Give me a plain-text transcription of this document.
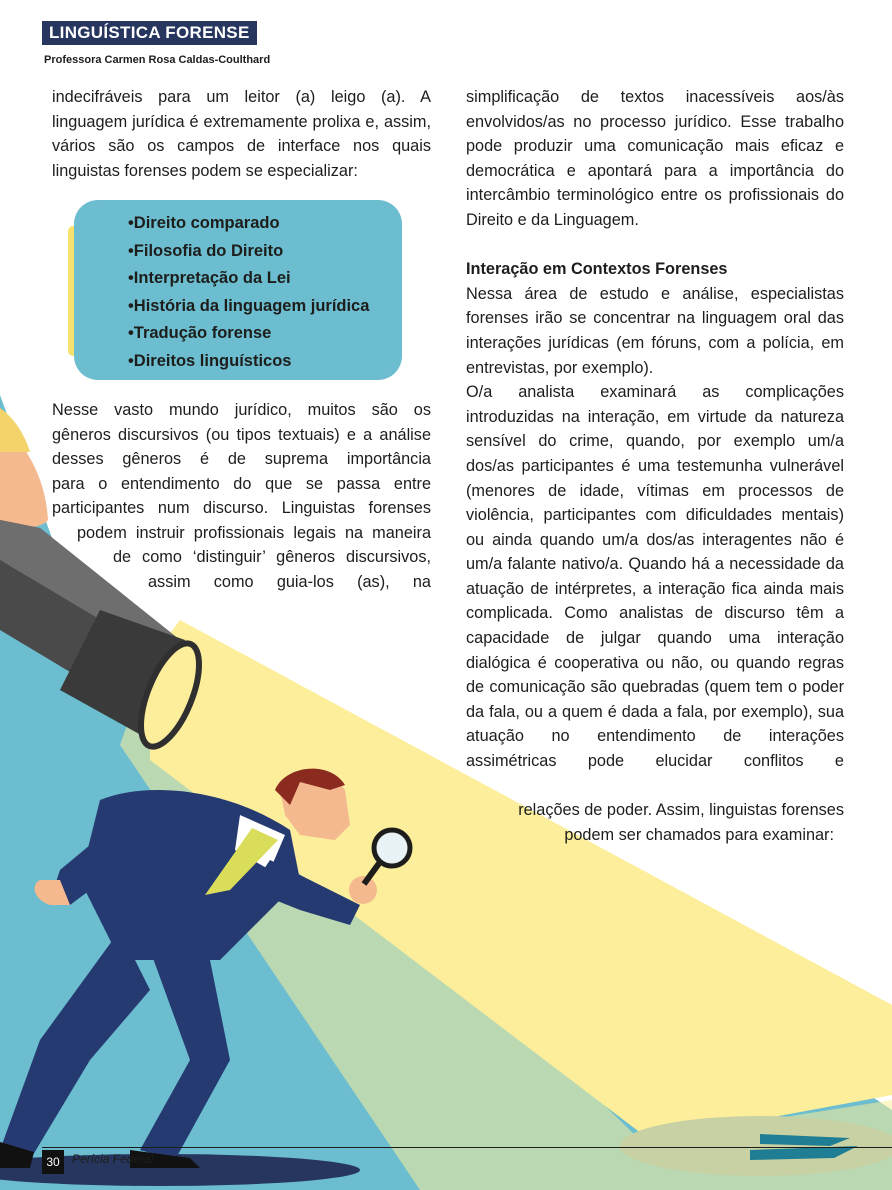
LINGUÍSTICA FORENSE
Professora Carmen Rosa Caldas-Coulthard

indecifráveis para um leitor (a) leigo (a). A linguagem jurídica é extremamente prolixa e, assim, vários são os campos de interface nos quais linguistas forenses podem se especializar:

• Direito comparado
• Filosofia do Direito
• Interpretação da Lei
• História da linguagem jurídica
• Tradução forense
• Direitos linguísticos
Nesse vasto mundo jurídico, muitos são os
gêneros discursivos (ou tipos textuais) e a análise
desses gêneros é de suprema importância
para o entendimento do que se passa entre
participantes num discurso. Linguistas forenses
podem instruir profissionais legais na maneira
de como ‘distinguir’ gêneros discursivos,
assim como guia-los (as), na

simplificação de textos inacessíveis aos/às envolvidos/as no processo jurídico. Esse trabalho pode produzir uma comunicação mais eficaz e democrática e apontará para a importância do intercâmbio terminológico entre os profissionais do Direito e da Linguagem.

Interação em Contextos Forenses

Nessa área de estudo e análise, especialistas forenses irão se concentrar na linguagem oral das interações jurídicas (em fóruns, com a polícia, em entrevistas, por exemplo).

O/a analista examinará as complicações introduzidas na interação, em virtude da natureza sensível do crime, quando, por exemplo um/a dos/as participantes é uma testemunha vulnerável (menores de idade, vítimas em processos de violência, participantes com dificuldades mentais) ou ainda quando um/a dos/as interagentes não é um/a falante nativo/a. Quando há a necessidade da atuação de intérpretes, a interação fica ainda mais complicada. Como analistas de discurso têm a capacidade de julgar quando uma interação dialógica é cooperativa ou não, ou quando regras de comunicação são quebradas (quem tem o poder da fala, ou a quem é dada a fala, por exemplo), sua atuação no entendimento de interações assimétricas pode elucidar conflitos e

relações de poder. Assim, linguistas forenses
podem ser chamados para examinar:
30	Perícia Federal
